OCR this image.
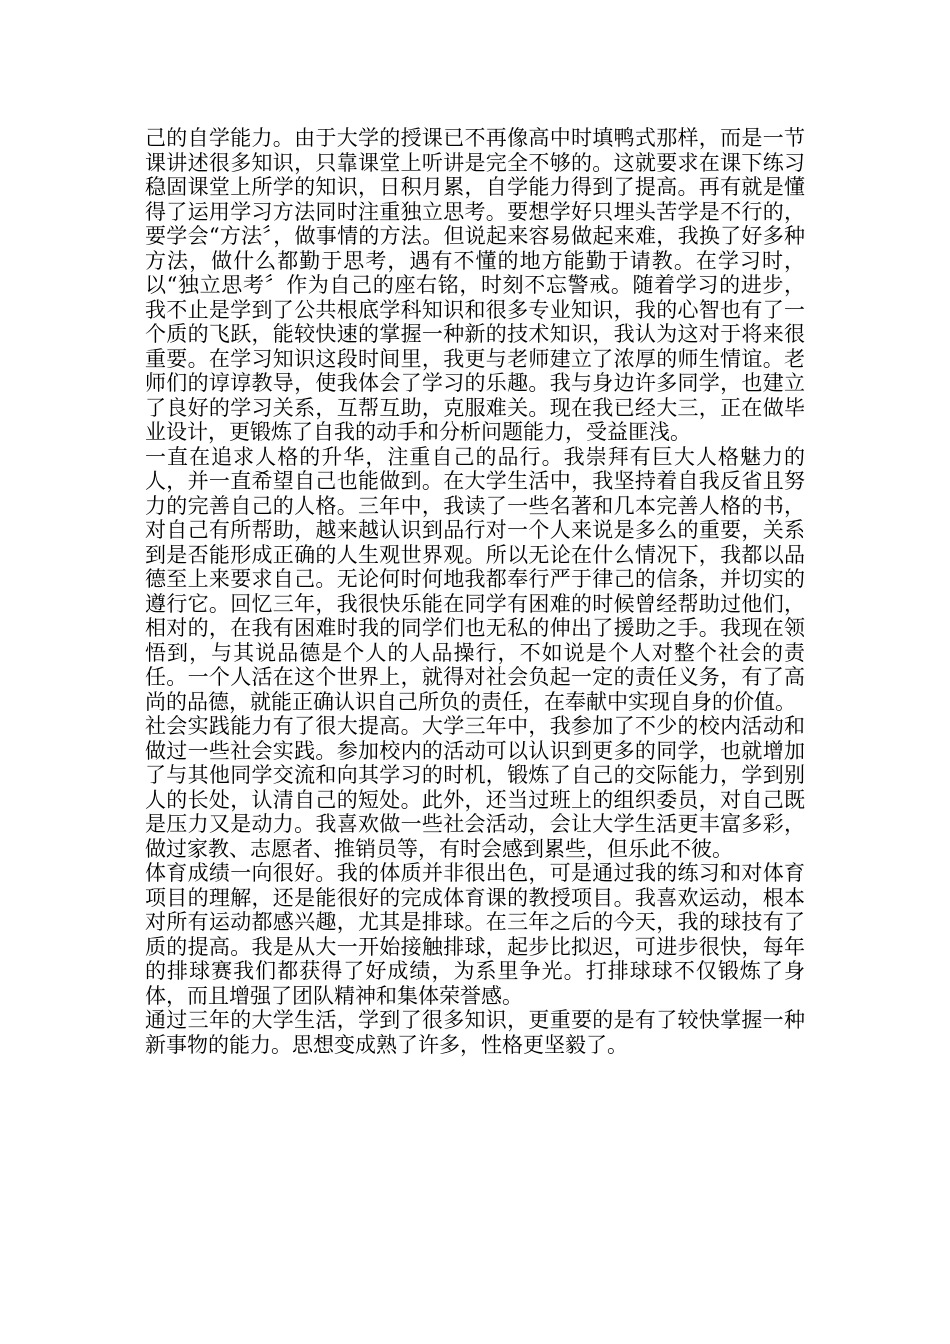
己的自学能力。由于大学的授课已不再像高中时填鸭式那样，而是一节课讲述很多知识，只靠课堂上听讲是完全不够的。这就要求在课下练习稳固课堂上所学的知识，日积月累，自学能力得到了提高。再有就是懂得了运用学习方法同时注重独立思考。要想学好只埋头苦学是不行的，要学会“方法〞，做事情的方法。但说起来容易做起来难，我换了好多种方法，做什么都勤于思考，遇有不懂的地方能勤于请教。在学习时，以“独立思考〞作为自己的座右铭，时刻不忘警戒。随着学习的进步，我不止是学到了公共根底学科知识和很多专业知识，我的心智也有了一个质的飞跃，能较快速的掌握一种新的技术知识，我认为这对于将来很重要。在学习知识这段时间里，我更与老师建立了浓厚的师生情谊。老师们的谆谆教导，使我体会了学习的乐趣。我与身边许多同学，也建立了良好的学习关系，互帮互助，克服难关。现在我已经大三，正在做毕业设计，更锻炼了自我的动手和分析问题能力，受益匪浅。

一直在追求人格的升华，注重自己的品行。我崇拜有巨大人格魅力的人，并一直希望自己也能做到。在大学生活中，我坚持着自我反省且努力的完善自己的人格。三年中，我读了一些名著和几本完善人格的书，对自己有所帮助，越来越认识到品行对一个人来说是多么的重要，关系到是否能形成正确的人生观世界观。所以无论在什么情况下，我都以品德至上来要求自己。无论何时何地我都奉行严于律己的信条，并切实的遵行它。回忆三年，我很快乐能在同学有困难的时候曾经帮助过他们，相对的，在我有困难时我的同学们也无私的伸出了援助之手。我现在领悟到，与其说品德是个人的人品操行，不如说是个人对整个社会的责任。一个人活在这个世界上，就得对社会负起一定的责任义务，有了高尚的品德，就能正确认识自己所负的责任，在奉献中实现自身的价值。

社会实践能力有了很大提高。大学三年中，我参加了不少的校内活动和做过一些社会实践。参加校内的活动可以认识到更多的同学，也就增加了与其他同学交流和向其学习的时机，锻炼了自己的交际能力，学到别人的长处，认清自己的短处。此外，还当过班上的组织委员，对自己既是压力又是动力。我喜欢做一些社会活动，会让大学生活更丰富多彩，做过家教、志愿者、推销员等，有时会感到累些，但乐此不彼。

体育成绩一向很好。我的体质并非很出色，可是通过我的练习和对体育项目的理解，还是能很好的完成体育课的教授项目。我喜欢运动，根本对所有运动都感兴趣，尤其是排球。在三年之后的今天，我的球技有了质的提高。我是从大一开始接触排球，起步比拟迟，可进步很快，每年的排球赛我们都获得了好成绩，为系里争光。打排球球不仅锻炼了身体，而且增强了团队精神和集体荣誉感。

通过三年的大学生活，学到了很多知识，更重要的是有了较快掌握一种新事物的能力。思想变成熟了许多，性格更坚毅了。
